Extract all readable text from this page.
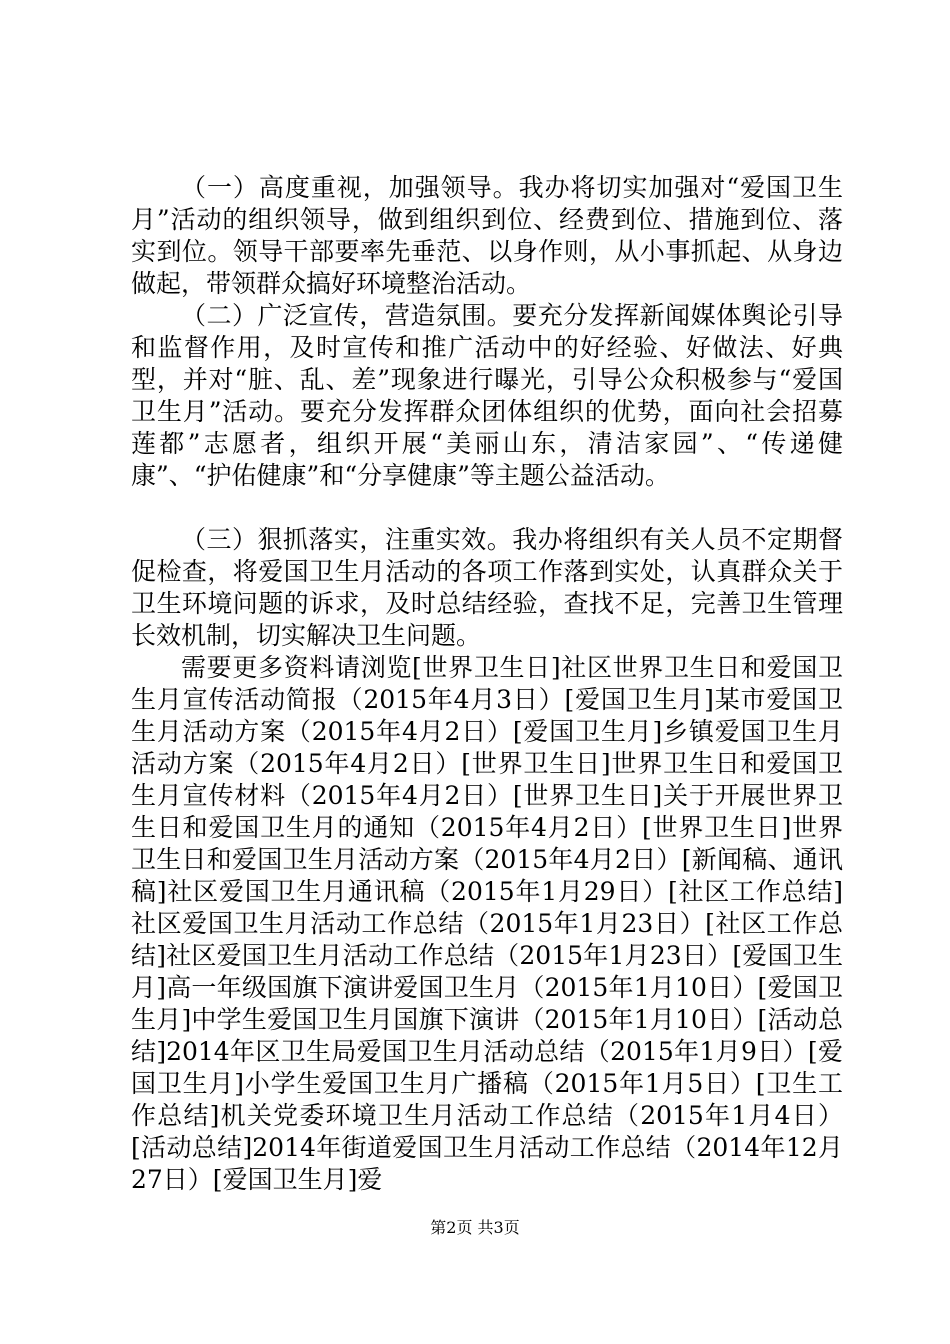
（一）高度重视，加强领导。我办将切实加强对“爱国卫生月”活动的组织领导，做到组织到位、经费到位、措施到位、落实到位。领导干部要率先垂范、以身作则，从小事抓起、从身边做起，带领群众搞好环境整治活动。

（二）广泛宣传，营造氛围。要充分发挥新闻媒体舆论引导和监督作用，及时宣传和推广活动中的好经验、好做法、好典型，并对“脏、乱、差”现象进行曝光，引导公众积极参与“爱国卫生月”活动。要充分发挥群众团体组织的优势，面向社会招募莲都”志愿者，组织开展“美丽山东，清洁家园”、“传递健康”、“护佑健康”和“分享健康”等主题公益活动。

（三）狠抓落实，注重实效。我办将组织有关人员不定期督促检查，将爱国卫生月活动的各项工作落到实处，认真群众关于卫生环境问题的诉求，及时总结经验，查找不足，完善卫生管理长效机制，切实解决卫生问题。

需要更多资料请浏览[世界卫生日]社区世界卫生日和爱国卫生月宣传活动简报（2015年4月3日）[爱国卫生月]某市爱国卫生月活动方案（2015年4月2日）[爱国卫生月]乡镇爱国卫生月活动方案（2015年4月2日）[世界卫生日]世界卫生日和爱国卫生月宣传材料（2015年4月2日）[世界卫生日]关于开展世界卫生日和爱国卫生月的通知（2015年4月2日）[世界卫生日]世界卫生日和爱国卫生月活动方案（2015年4月2日）[新闻稿、通讯稿]社区爱国卫生月通讯稿（2015年1月29日）[社区工作总结]社区爱国卫生月活动工作总结（2015年1月23日）[社区工作总结]社区爱国卫生月活动工作总结（2015年1月23日）[爱国卫生月]高一年级国旗下演讲爱国卫生月（2015年1月10日）[爱国卫生月]中学生爱国卫生月国旗下演讲（2015年1月10日）[活动总结]2014年区卫生局爱国卫生月活动总结（2015年1月9日）[爱国卫生月]小学生爱国卫生月广播稿（2015年1月5日）[卫生工作总结]机关党委环境卫生月活动工作总结（2015年1月4日）[活动总结]2014年街道爱国卫生月活动工作总结（2014年12月27日）[爱国卫生月]爱

第2页 共3页
